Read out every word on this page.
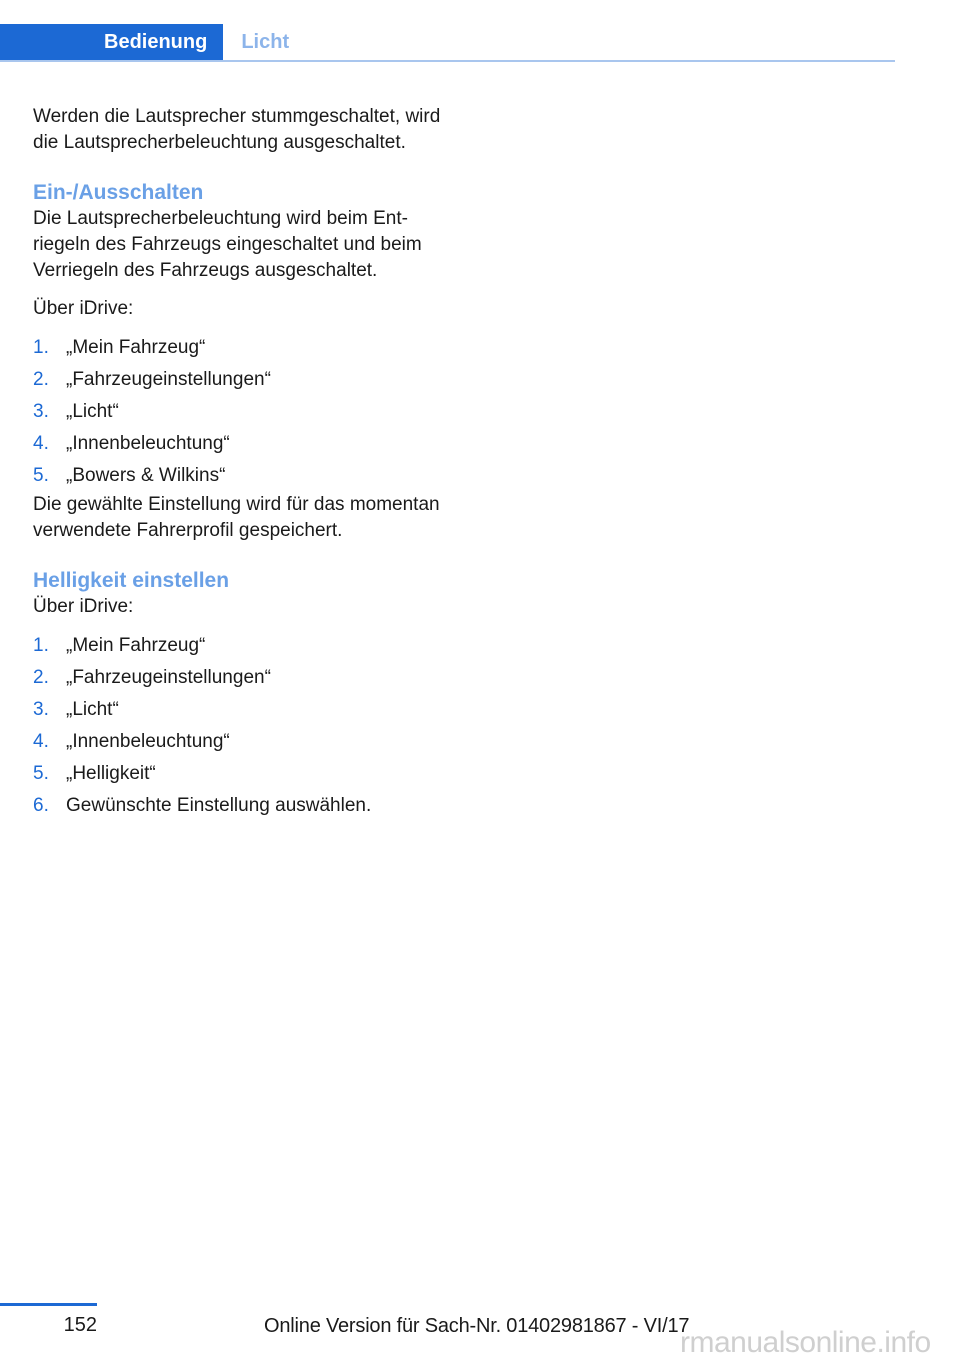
Bedienung	Licht

Werden die Lautsprecher stummgeschaltet, wird die Lautsprecherbeleuchtung ausgeschaltet.

Ein-/Ausschalten

Die Lautsprecherbeleuchtung wird beim Entriegeln des Fahrzeugs eingeschaltet und beim Verriegeln des Fahrzeugs ausgeschaltet.

Über iDrive:

1. „Mein Fahrzeug“
2. „Fahrzeugeinstellungen“
3. „Licht“
4. „Innenbeleuchtung“
5. „Bowers & Wilkins“

Die gewählte Einstellung wird für das momentan verwendete Fahrerprofil gespeichert.

Helligkeit einstellen

Über iDrive:

1. „Mein Fahrzeug“
2. „Fahrzeugeinstellungen“
3. „Licht“
4. „Innenbeleuchtung“
5. „Helligkeit“
6. Gewünschte Einstellung auswählen.
152	Online Version für Sach-Nr. 01402981867 - VI/17
rmanualsonline.info
